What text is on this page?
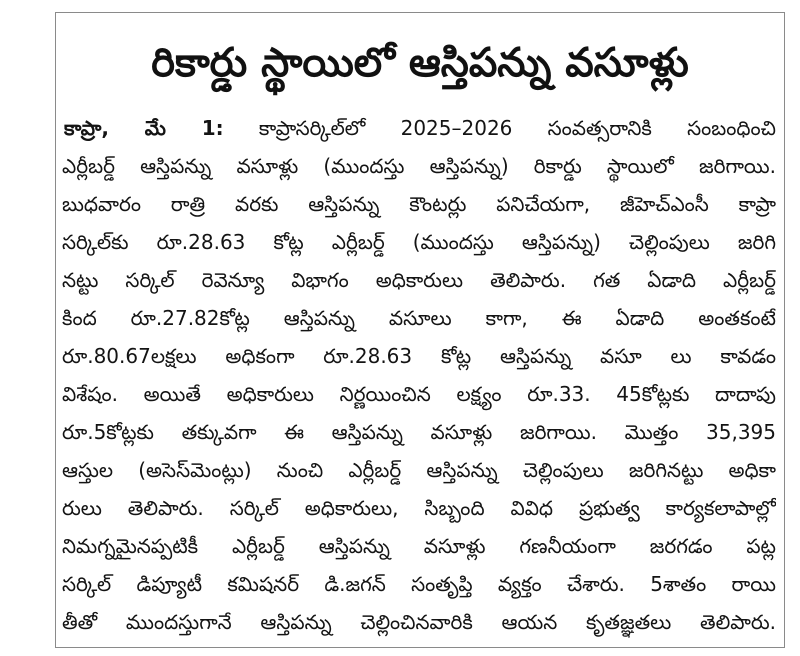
రికార్డు స్థాయిలో ఆస్తిపన్ను వసూళ్లు
కాప్రా, మే 1: కాప్రాసర్కిల్‌లో 2025–2026 సంవత్సరానికి సంబంధించి
ఎర్లీబర్డ్ ఆస్తిపన్ను వసూళ్లు (ముందస్తు ఆస్తిపన్ను) రికార్డు స్థాయిలో జరిగాయి.
బుధవారం రాత్రి వరకు ఆస్తిపన్ను కౌంటర్లు పనిచేయగా, జీహెచ్ఎంసీ కాప్రా
సర్కిల్‌కు రూ.28.63 కోట్ల ఎర్లీబర్డ్ (ముందస్తు ఆస్తిపన్ను) చెల్లింపులు జరిగి
నట్టు సర్కిల్ రెవెన్యూ విభాగం అధికారులు తెలిపారు. గత ఏడాది ఎర్లీబర్డ్
కింద రూ.27.82కోట్ల ఆస్తిపన్ను వసూలు కాగా, ఈ ఏడాది అంతకంటే
రూ.80.67లక్షలు అధికంగా రూ.28.63 కోట్ల ఆస్తిపన్ను వసూ లు కావడం
విశేషం. అయితే అధికారులు నిర్ణయించిన లక్ష్యం రూ.33. 45కోట్లకు దాదాపు
రూ.5కోట్లకు తక్కువగా ఈ ఆస్తిపన్ను వసూళ్లు జరిగాయి. మొత్తం 35,395
ఆస్తుల (అసెస్‌మెంట్లు) నుంచి ఎర్లీబర్డ్ ఆస్తిపన్ను చెల్లింపులు జరిగినట్టు అధికా
రులు తెలిపారు. సర్కిల్ అధికారులు, సిబ్బంది వివిధ ప్రభుత్వ కార్యకలాపాల్లో
నిమగ్నమైనప్పటికీ ఎర్లీబర్డ్ ఆస్తిపన్ను వసూళ్లు గణనీయంగా జరగడం పట్ల
సర్కిల్ డిప్యూటీ కమిషనర్ డి.జగన్ సంతృప్తి వ్యక్తం చేశారు. 5శాతం రాయి
తీతో ముందస్తుగానే ఆస్తిపన్ను చెల్లించినవారికి ఆయన కృతజ్ఞతలు తెలిపారు.
